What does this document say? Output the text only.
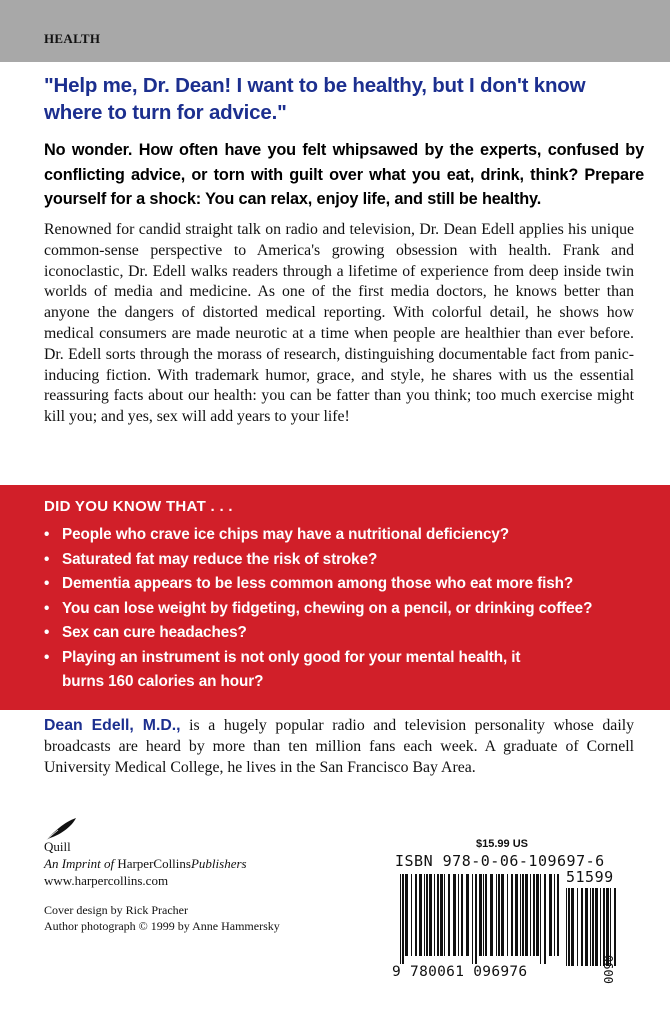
HEALTH
"Help me, Dr. Dean! I want to be healthy, but I don't know where to turn for advice."
No wonder. How often have you felt whipsawed by the experts, confused by conflicting advice, or torn with guilt over what you eat, drink, think? Prepare yourself for a shock: You can relax, enjoy life, and still be healthy.
Renowned for candid straight talk on radio and television, Dr. Dean Edell applies his unique common-sense perspective to America's growing obsession with health. Frank and iconoclastic, Dr. Edell walks readers through a lifetime of experience from deep inside twin worlds of media and medicine. As one of the first media doctors, he knows better than anyone the dangers of distorted medical reporting. With colorful detail, he shows how medical consumers are made neurotic at a time when people are healthier than ever before. Dr. Edell sorts through the morass of research, distinguishing documentable fact from panic-inducing fiction. With trademark humor, grace, and style, he shares with us the essential reassuring facts about our health: you can be fatter than you think; too much exercise might kill you; and yes, sex will add years to your life!
DID YOU KNOW THAT . . .
• People who crave ice chips may have a nutritional deficiency?
• Saturated fat may reduce the risk of stroke?
• Dementia appears to be less common among those who eat more fish?
• You can lose weight by fidgeting, chewing on a pencil, or drinking coffee?
• Sex can cure headaches?
• Playing an instrument is not only good for your mental health, it burns 160 calories an hour?
Dean Edell, M.D., is a hugely popular radio and television personality whose daily broadcasts are heard by more than ten million fans each week. A graduate of Cornell University Medical College, he lives in the San Francisco Bay Area.
Quill
An Imprint of HarperCollinsPublishers
www.harpercollins.com
Cover design by Rick Pracher
Author photograph © 1999 by Anne Hammersky
$15.99 US
ISBN 978-0-06-109697-6
9 780061 096976
51599
0600
